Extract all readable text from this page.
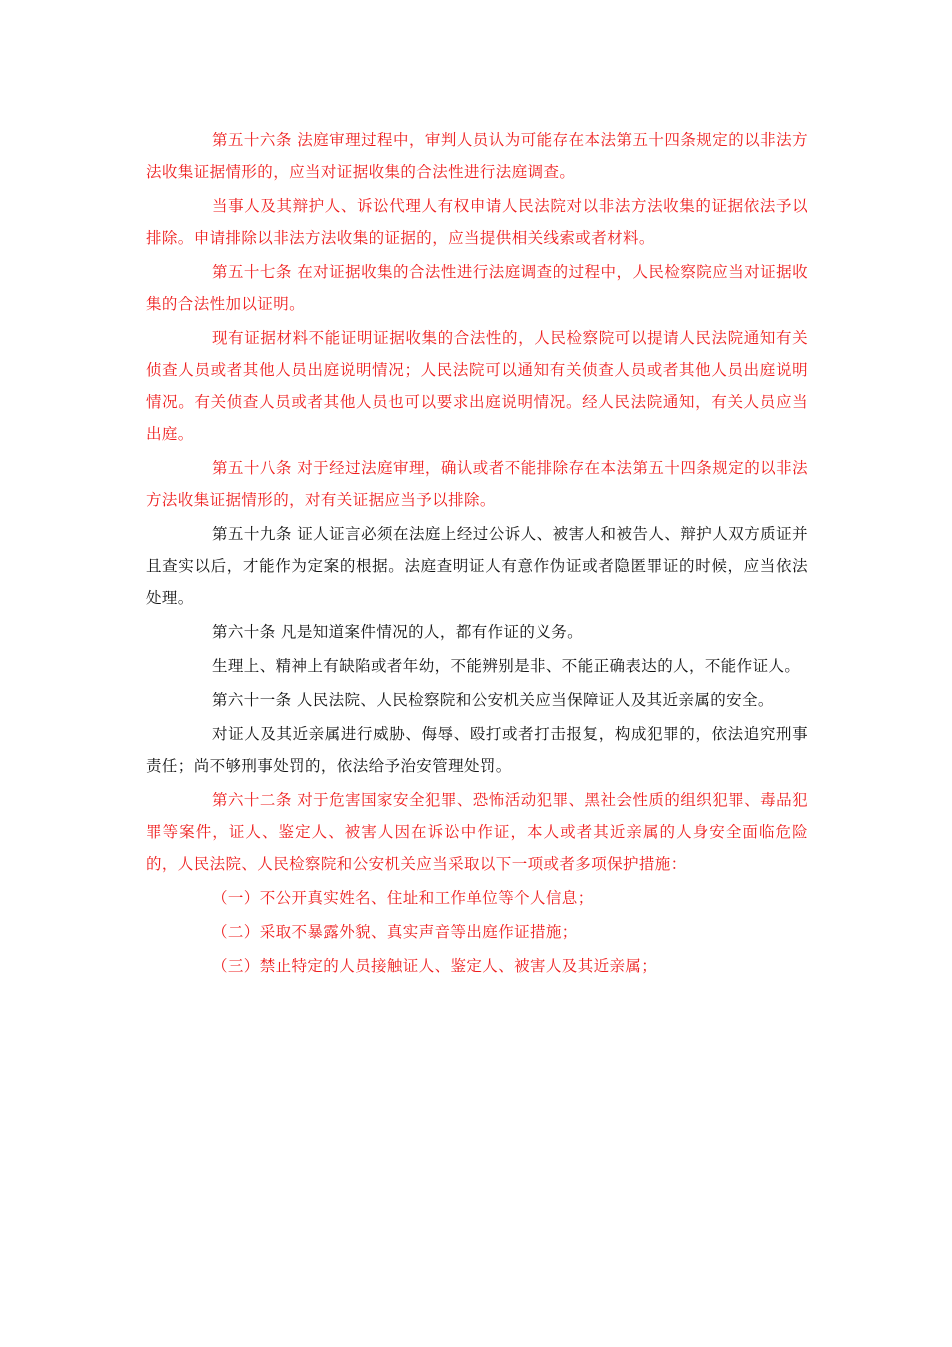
第五十六条 法庭审理过程中，审判人员认为可能存在本法第五十四条规定的以非法方法收集证据情形的，应当对证据收集的合法性进行法庭调查。

当事人及其辩护人、诉讼代理人有权申请人民法院对以非法方法收集的证据依法予以排除。申请排除以非法方法收集的证据的，应当提供相关线索或者材料。

第五十七条 在对证据收集的合法性进行法庭调查的过程中，人民检察院应当对证据收集的合法性加以证明。

现有证据材料不能证明证据收集的合法性的，人民检察院可以提请人民法院通知有关侦查人员或者其他人员出庭说明情况；人民法院可以通知有关侦查人员或者其他人员出庭说明情况。有关侦查人员或者其他人员也可以要求出庭说明情况。经人民法院通知，有关人员应当出庭。

第五十八条 对于经过法庭审理，确认或者不能排除存在本法第五十四条规定的以非法方法收集证据情形的，对有关证据应当予以排除。

第五十九条 证人证言必须在法庭上经过公诉人、被害人和被告人、辩护人双方质证并且查实以后，才能作为定案的根据。法庭查明证人有意作伪证或者隐匿罪证的时候，应当依法处理。

第六十条 凡是知道案件情况的人，都有作证的义务。

生理上、精神上有缺陷或者年幼，不能辨别是非、不能正确表达的人，不能作证人。

第六十一条 人民法院、人民检察院和公安机关应当保障证人及其近亲属的安全。

对证人及其近亲属进行威胁、侮辱、殴打或者打击报复，构成犯罪的，依法追究刑事责任；尚不够刑事处罚的，依法给予治安管理处罚。

第六十二条 对于危害国家安全犯罪、恐怖活动犯罪、黑社会性质的组织犯罪、毒品犯罪等案件，证人、鉴定人、被害人因在诉讼中作证，本人或者其近亲属的人身安全面临危险的，人民法院、人民检察院和公安机关应当采取以下一项或者多项保护措施：

（一）不公开真实姓名、住址和工作单位等个人信息；

（二）采取不暴露外貌、真实声音等出庭作证措施；

（三）禁止特定的人员接触证人、鉴定人、被害人及其近亲属；
